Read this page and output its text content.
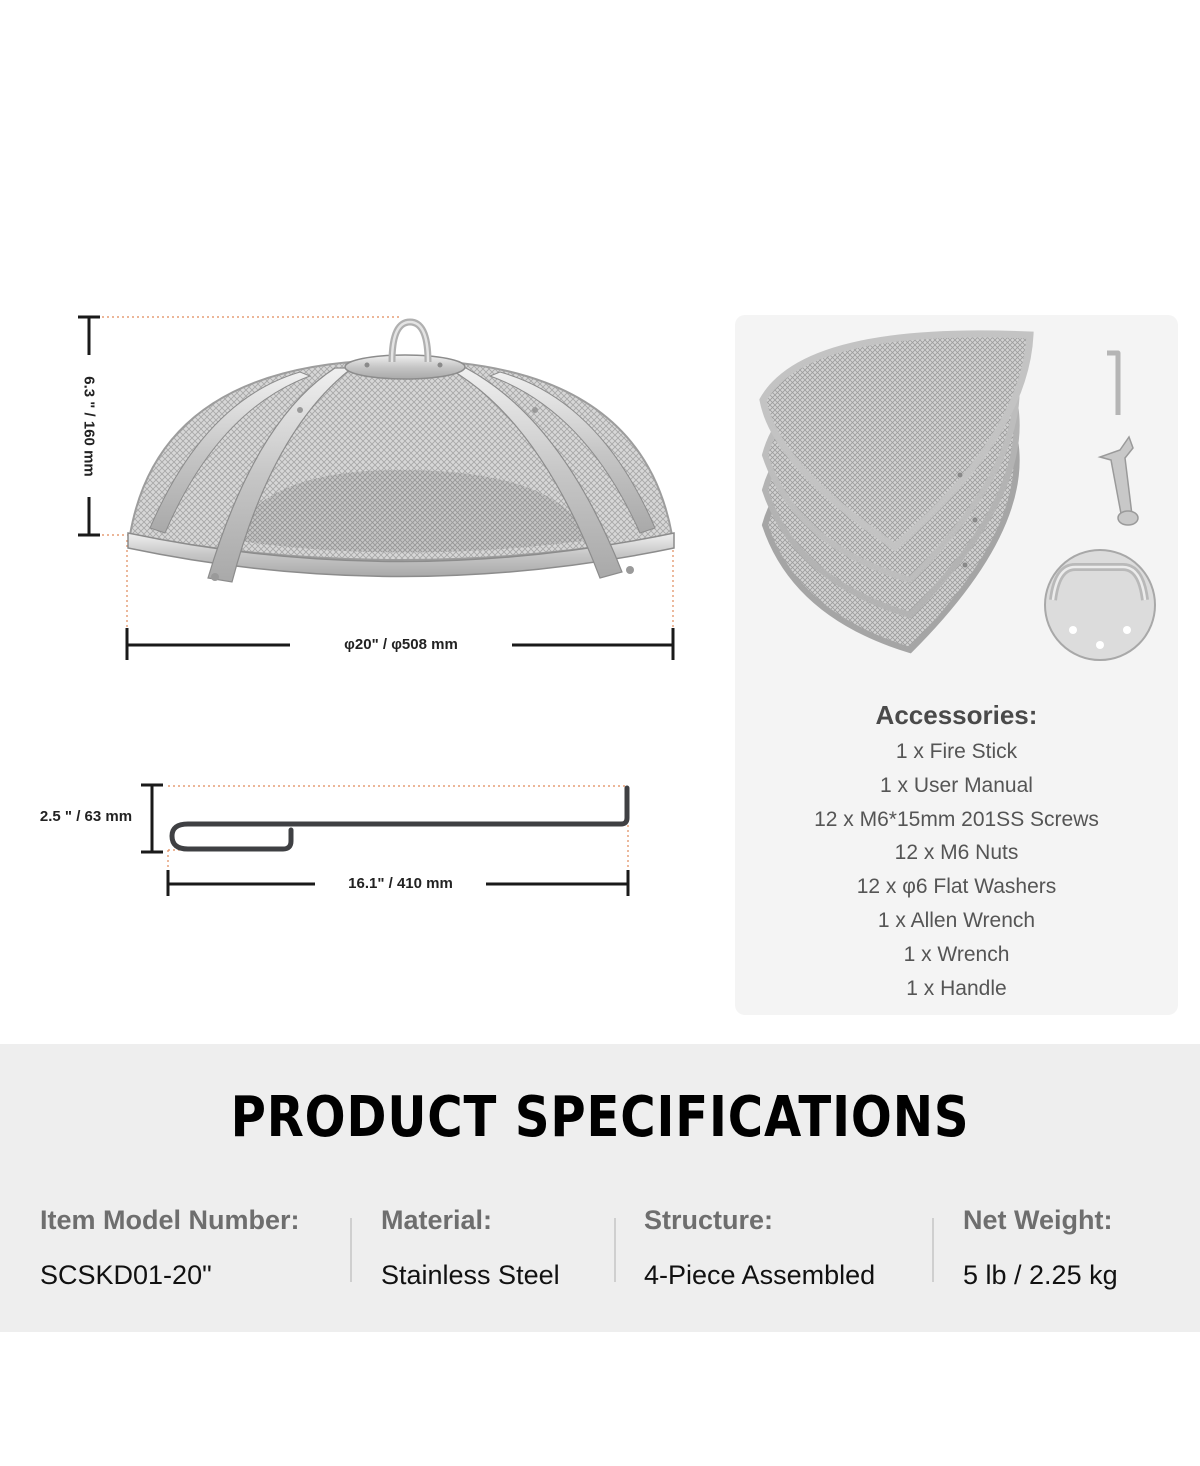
6.3 " / 160 mm
φ20" / φ508 mm
2.5 " / 63 mm
16.1" / 410 mm
Accessories:
1 x Fire Stick
1 x User Manual
12 x M6*15mm 201SS Screws
12 x M6 Nuts
12 x φ6 Flat Washers
1 x Allen Wrench
1 x Wrench
1 x Handle
PRODUCT SPECIFICATIONS
Item Model Number:
SCSKD01-20"
Material:
Stainless Steel
Structure:
4-Piece Assembled
Net Weight:
5 lb / 2.25 kg
